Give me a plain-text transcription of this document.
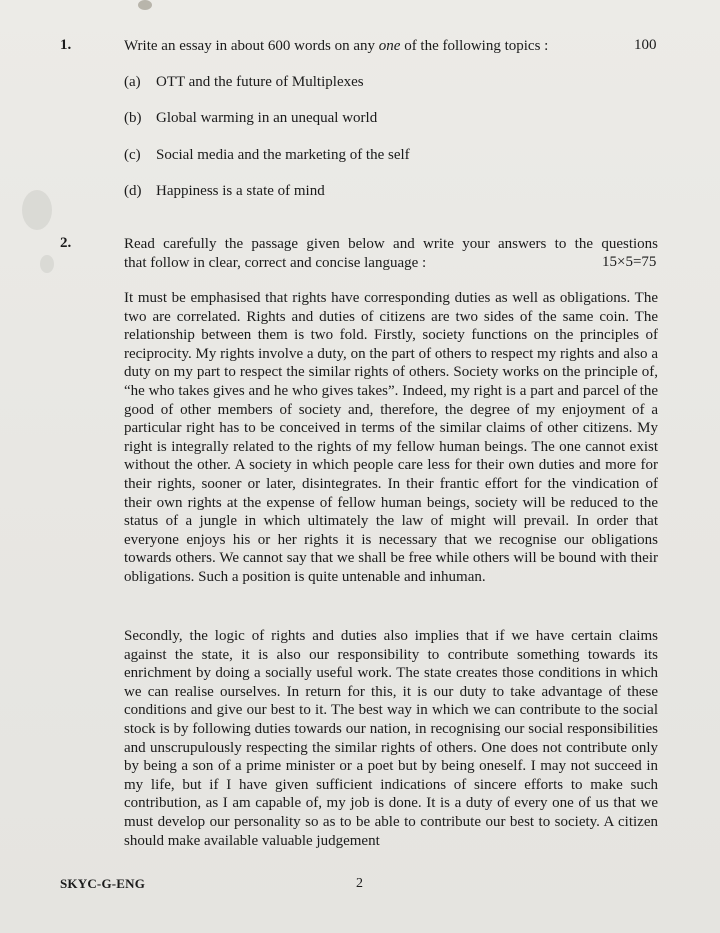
1.	Write an essay in about 600 words on any one of the following topics :	100
(a) OTT and the future of Multiplexes
(b) Global warming in an unequal world
(c) Social media and the marketing of the self
(d) Happiness is a state of mind
2.	Read carefully the passage given below and write your answers to the questions
that follow in clear, correct and concise language :	15×5=75

It must be emphasised that rights have corresponding duties as well as obligations. The two are correlated. Rights and duties of citizens are two sides of the same coin. The relationship between them is two fold. Firstly, society functions on the principles of reciprocity. My rights involve a duty, on the part of others to respect my rights and also a duty on my part to respect the similar rights of others. Society works on the principle of, “he who takes gives and he who gives takes”. Indeed, my right is a part and parcel of the good of other members of society and, therefore, the degree of my enjoyment of a particular right has to be conceived in terms of the similar claims of other citizens. My right is integrally related to the rights of my fellow human beings. The one cannot exist without the other. A society in which people care less for their own duties and more for their rights, sooner or later, disintegrates. In their frantic effort for the vindication of their own rights at the expense of fellow human beings, society will be reduced to the status of a jungle in which ultimately the law of might will prevail. In order that everyone enjoys his or her rights it is necessary that we recognise our obligations towards others. We cannot say that we shall be free while others will be bound with their obligations. Such a position is quite untenable and inhuman.

Secondly, the logic of rights and duties also implies that if we have certain claims against the state, it is also our responsibility to contribute something towards its enrichment by doing a socially useful work. The state creates those conditions in which we can realise ourselves. In return for this, it is our duty to take advantage of these conditions and give our best to it. The best way in which we can contribute to the social stock is by following duties towards our nation, in recognising our social responsibilities and unscrupulously respecting the similar rights of others. One does not contribute only by being a son of a prime minister or a poet but by being oneself. I may not succeed in my life, but if I have given sufficient indications of sincere efforts to make such contribution, as I am capable of, my job is done. It is a duty of every one of us that we must develop our personality so as to be able to contribute our best to society. A citizen should make available valuable judgement

SKYC-G-ENG	2
